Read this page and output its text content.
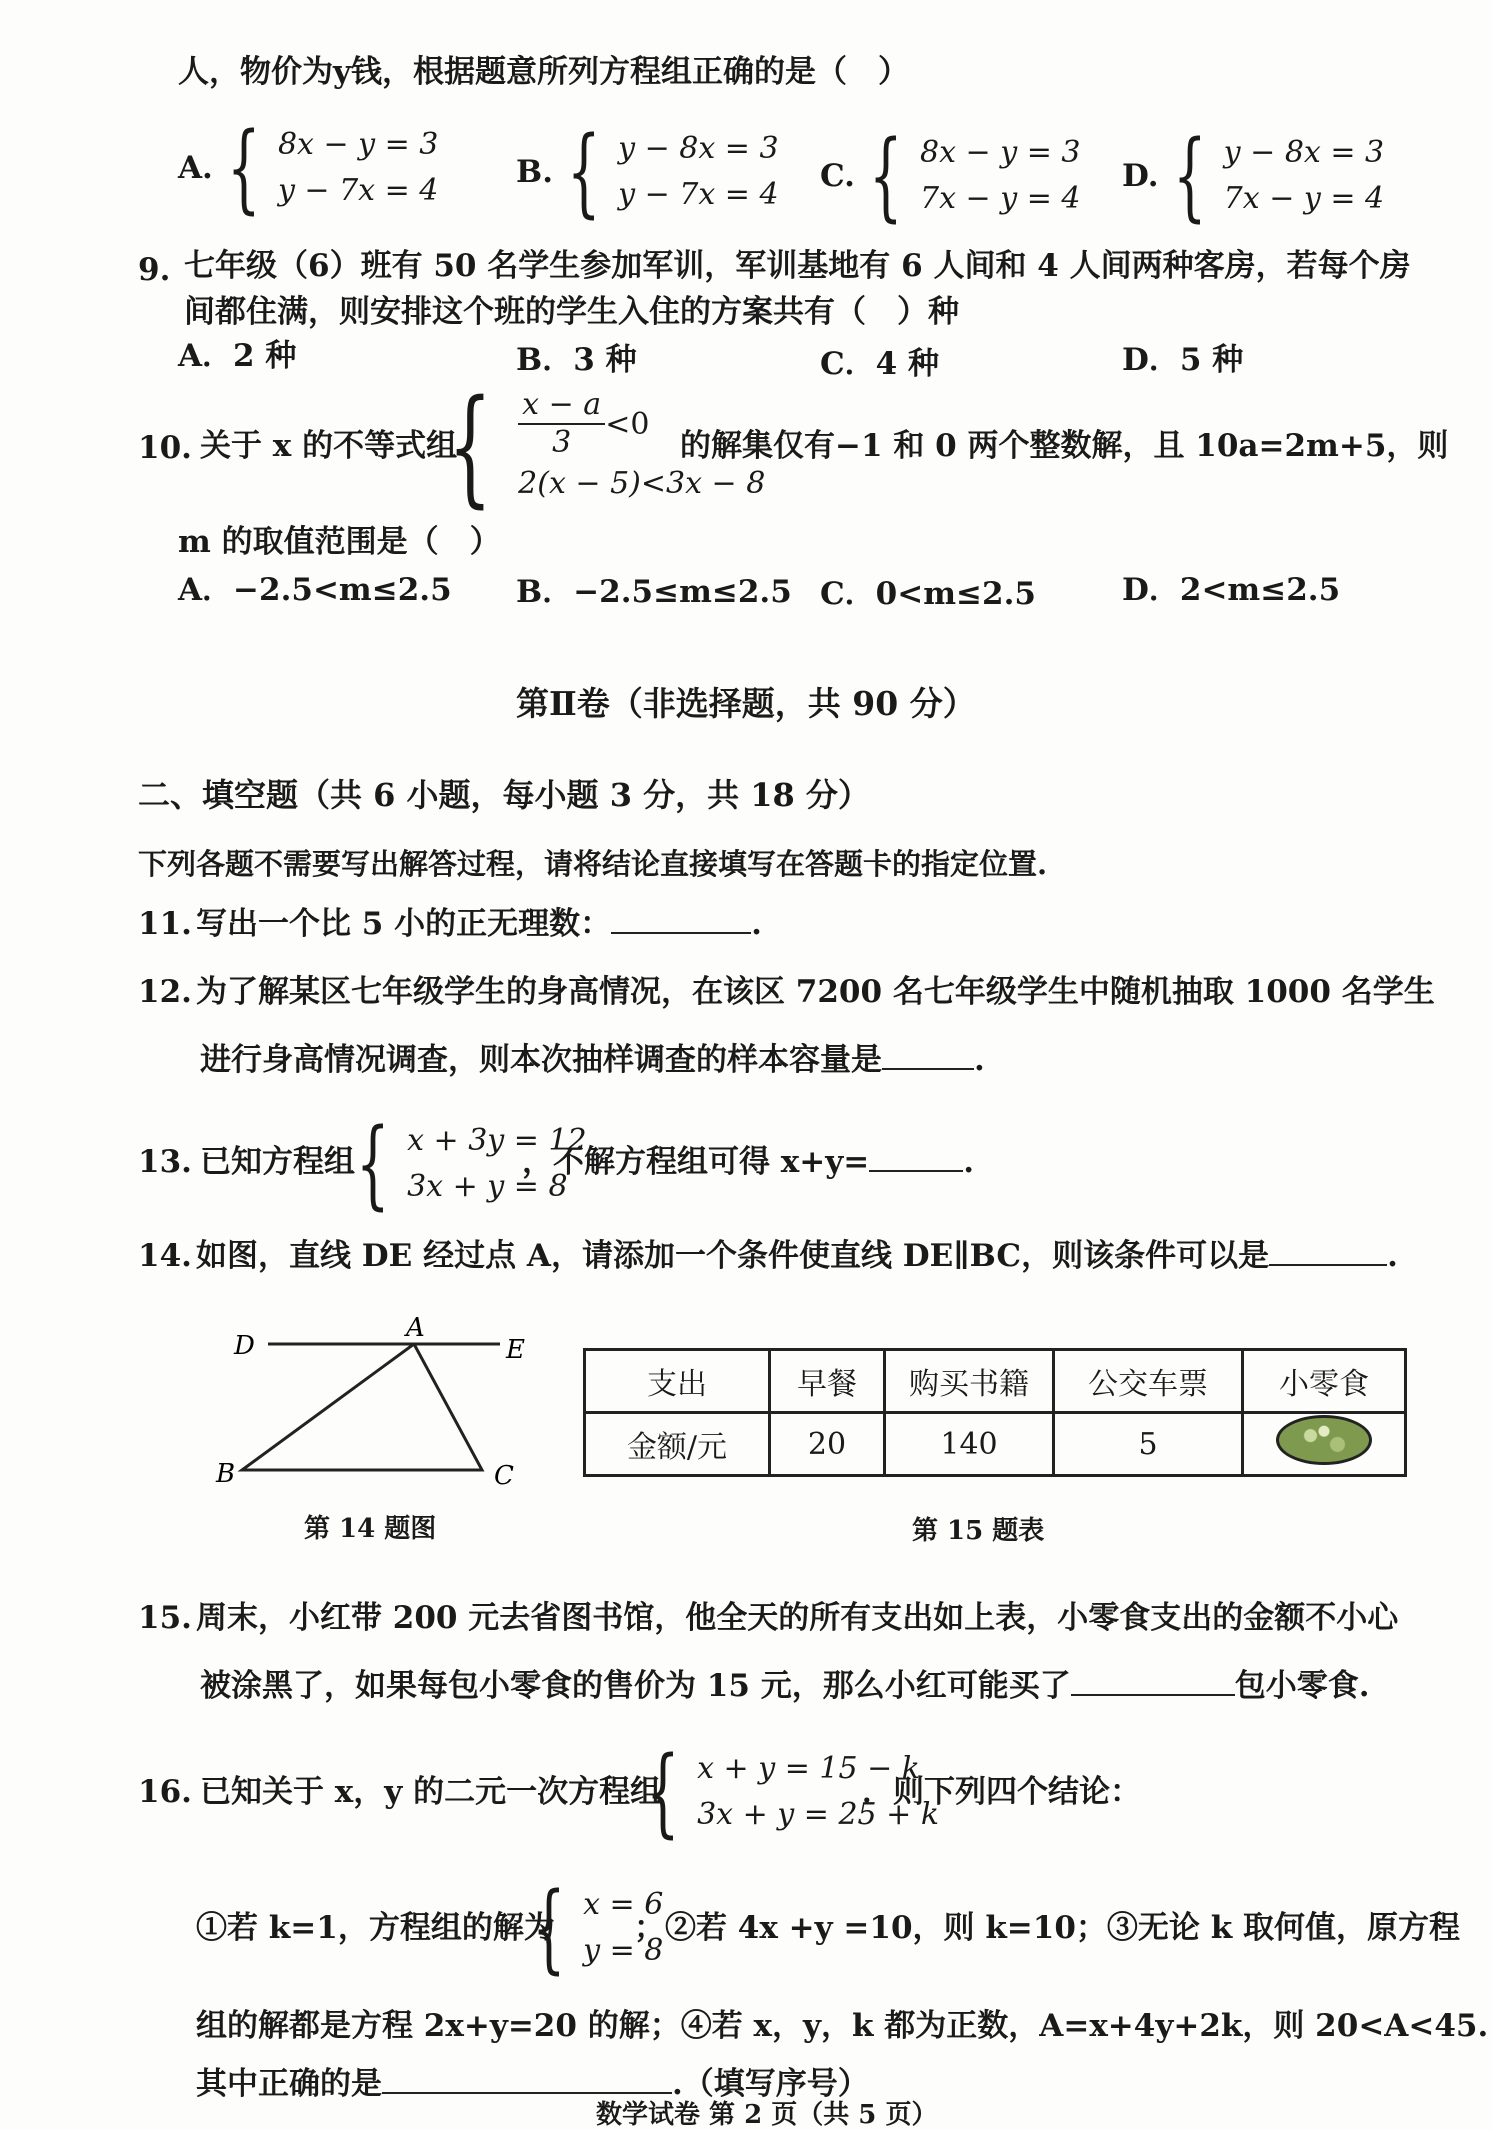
人，物价为y钱，根据题意所列方程组正确的是（　）
A. { 8x − y = 3
y − 7x = 4
B. { y − 8x = 3
y − 7x = 4
C. { 8x − y = 3
7x − y = 4
D. { y − 8x = 3
7x − y = 4
9. 七年级（6）班有 50 名学生参加军训，军训基地有 6 人间和 4 人间两种客房，若每个房
间都住满，则安排这个班的学生入住的方案共有（　）种
A．2 种	B．3 种	C．4 种	D．5 种
10. 关于 x 的不等式组
{ $\frac{x - a}{3} <0$
2(x − 5)<3x − 8
的解集仅有−1 和 0 两个整数解，且 10a=2m+5，则
m 的取值范围是（　）
A．−2.5<m≤2.5 B．−2.5≤m≤2.5 C．0<m≤2.5	D．2<m≤2.5
第Ⅱ卷（非选择题，共 90 分）
二、填空题（共 6 小题，每小题 3 分，共 18 分）
下列各题不需要写出解答过程，请将结论直接填写在答题卡的指定位置.
11. 写出一个比 5 小的正无理数：	.
12. 为了解某区七年级学生的身高情况，在该区 7200 名七年级学生中随机抽取 1000 名学生
进行身高情况调查，则本次抽样调查的样本容量是	.
13. 已知方程组 { x + 3y = 12
3x + y = 8
，不解方程组可得 x+y=	.
14. 如图，直线 DE 经过点 A，请添加一个条件使直线 DE∥BC，则该条件可以是	.
D
A
E
B	C
第 14 题图
支出	早餐	购买书籍	公交车票	小零食
金额/元	20	140	5	
第 15 题表
15. 周末，小红带 200 元去省图书馆，他全天的所有支出如上表，小零食支出的金额不小心
被涂黑了，如果每包小零食的售价为 15 元，那么小红可能买了	包小零食.
16. 已知关于 x，y 的二元一次方程组
{ x + y = 15 − k
3x + y = 25 + k
．则下列四个结论：
①若 k=1，方程组的解为
{ x = 6
y = 8
；②若 4x +y =10，则 k=10；③无论 k 取何值，原方程
组的解都是方程 2x+y=20 的解；④若 x，y，k 都为正数，A=x+4y+2k，则 20<A<45.
其中正确的是	.（填写序号）
数学试卷 第 2 页（共 5 页）
